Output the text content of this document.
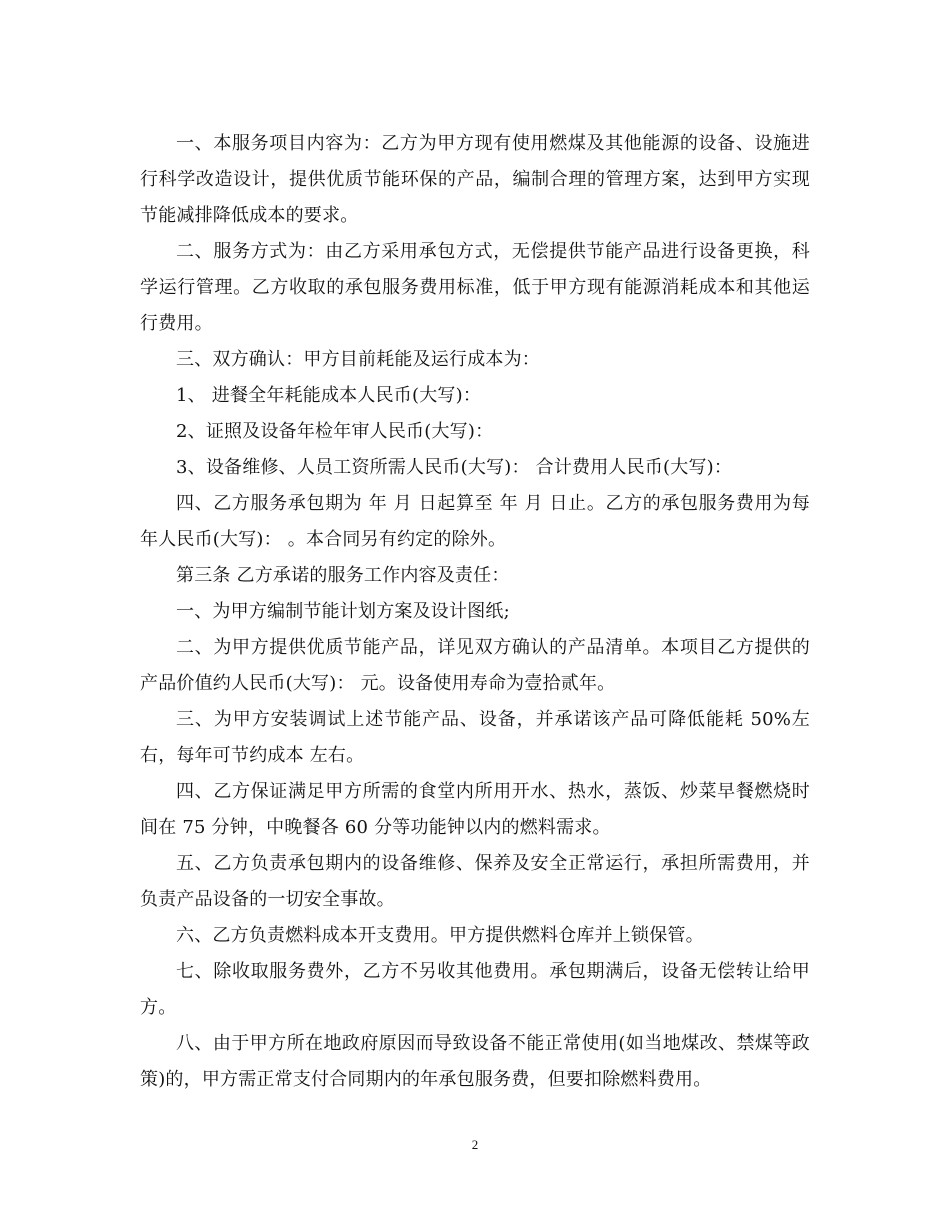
一、本服务项目内容为：乙方为甲方现有使用燃煤及其他能源的设备、设施进行科学改造设计，提供优质节能环保的产品，编制合理的管理方案，达到甲方实现节能减排降低成本的要求。

二、服务方式为：由乙方采用承包方式，无偿提供节能产品进行设备更换，科学运行管理。乙方收取的承包服务费用标准，低于甲方现有能源消耗成本和其他运行费用。

三、双方确认：甲方目前耗能及运行成本为：

1、 进餐全年耗能成本人民币(大写)：

2、证照及设备年检年审人民币(大写)：

3、设备维修、人员工资所需人民币(大写)： 合计费用人民币(大写)：

四、乙方服务承包期为 年 月 日起算至 年 月 日止。乙方的承包服务费用为每年人民币(大写)： 。本合同另有约定的除外。

第三条 乙方承诺的服务工作内容及责任：

一、为甲方编制节能计划方案及设计图纸;

二、为甲方提供优质节能产品，详见双方确认的产品清单。本项目乙方提供的产品价值约人民币(大写)： 元。设备使用寿命为壹拾贰年。

三、为甲方安装调试上述节能产品、设备，并承诺该产品可降低能耗 50%左右，每年可节约成本 左右。

四、乙方保证满足甲方所需的食堂内所用开水、热水，蒸饭、炒菜早餐燃烧时间在 75 分钟，中晚餐各 60 分等功能钟以内的燃料需求。

五、乙方负责承包期内的设备维修、保养及安全正常运行，承担所需费用，并负责产品设备的一切安全事故。

六、乙方负责燃料成本开支费用。甲方提供燃料仓库并上锁保管。

七、除收取服务费外，乙方不另收其他费用。承包期满后，设备无偿转让给甲方。

八、由于甲方所在地政府原因而导致设备不能正常使用(如当地煤改、禁煤等政策)的，甲方需正常支付合同期内的年承包服务费，但要扣除燃料费用。

2
